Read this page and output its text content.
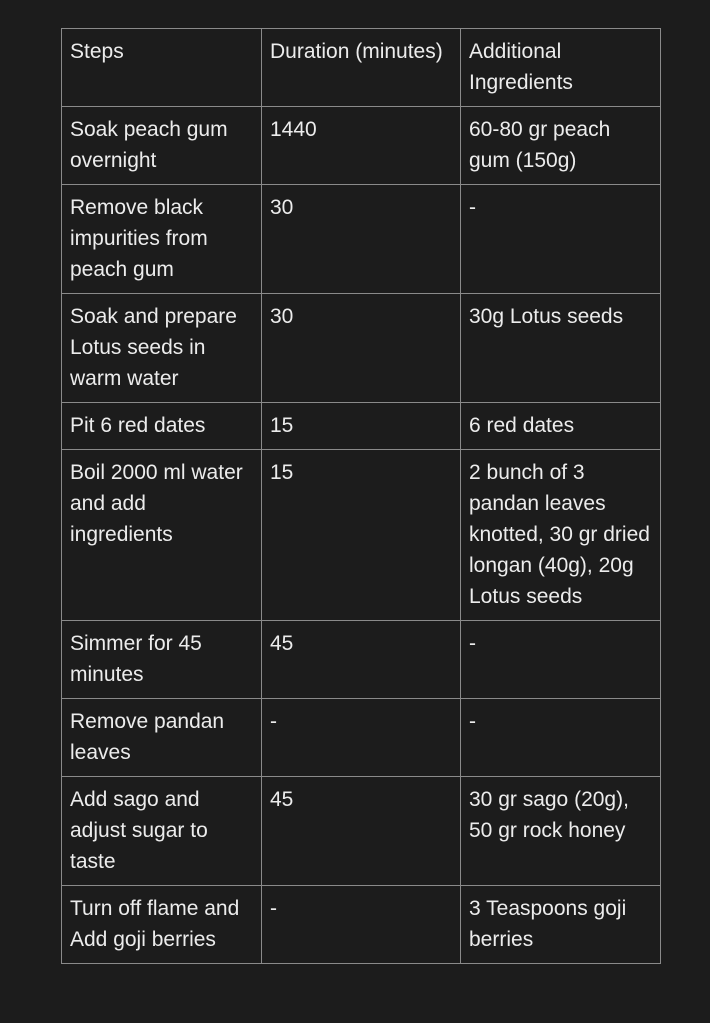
Steps	Duration (minutes)	Additional Ingredients
Soak peach gum overnight	1440	60-80 gr peach gum (150g)
Remove black impurities from peach gum	30	-
Soak and prepare Lotus seeds in warm water	30	30g Lotus seeds
Pit 6 red dates	15	6 red dates
Boil 2000 ml water and add ingredients	15	2 bunch of 3 pandan leaves knotted, 30 gr dried longan (40g), 20g Lotus seeds
Simmer for 45 minutes	45	-
Remove pandan leaves	-	-
Add sago and adjust sugar to taste	45	30 gr sago (20g), 50 gr rock honey
Turn off flame and Add goji berries	-	3 Teaspoons goji berries
